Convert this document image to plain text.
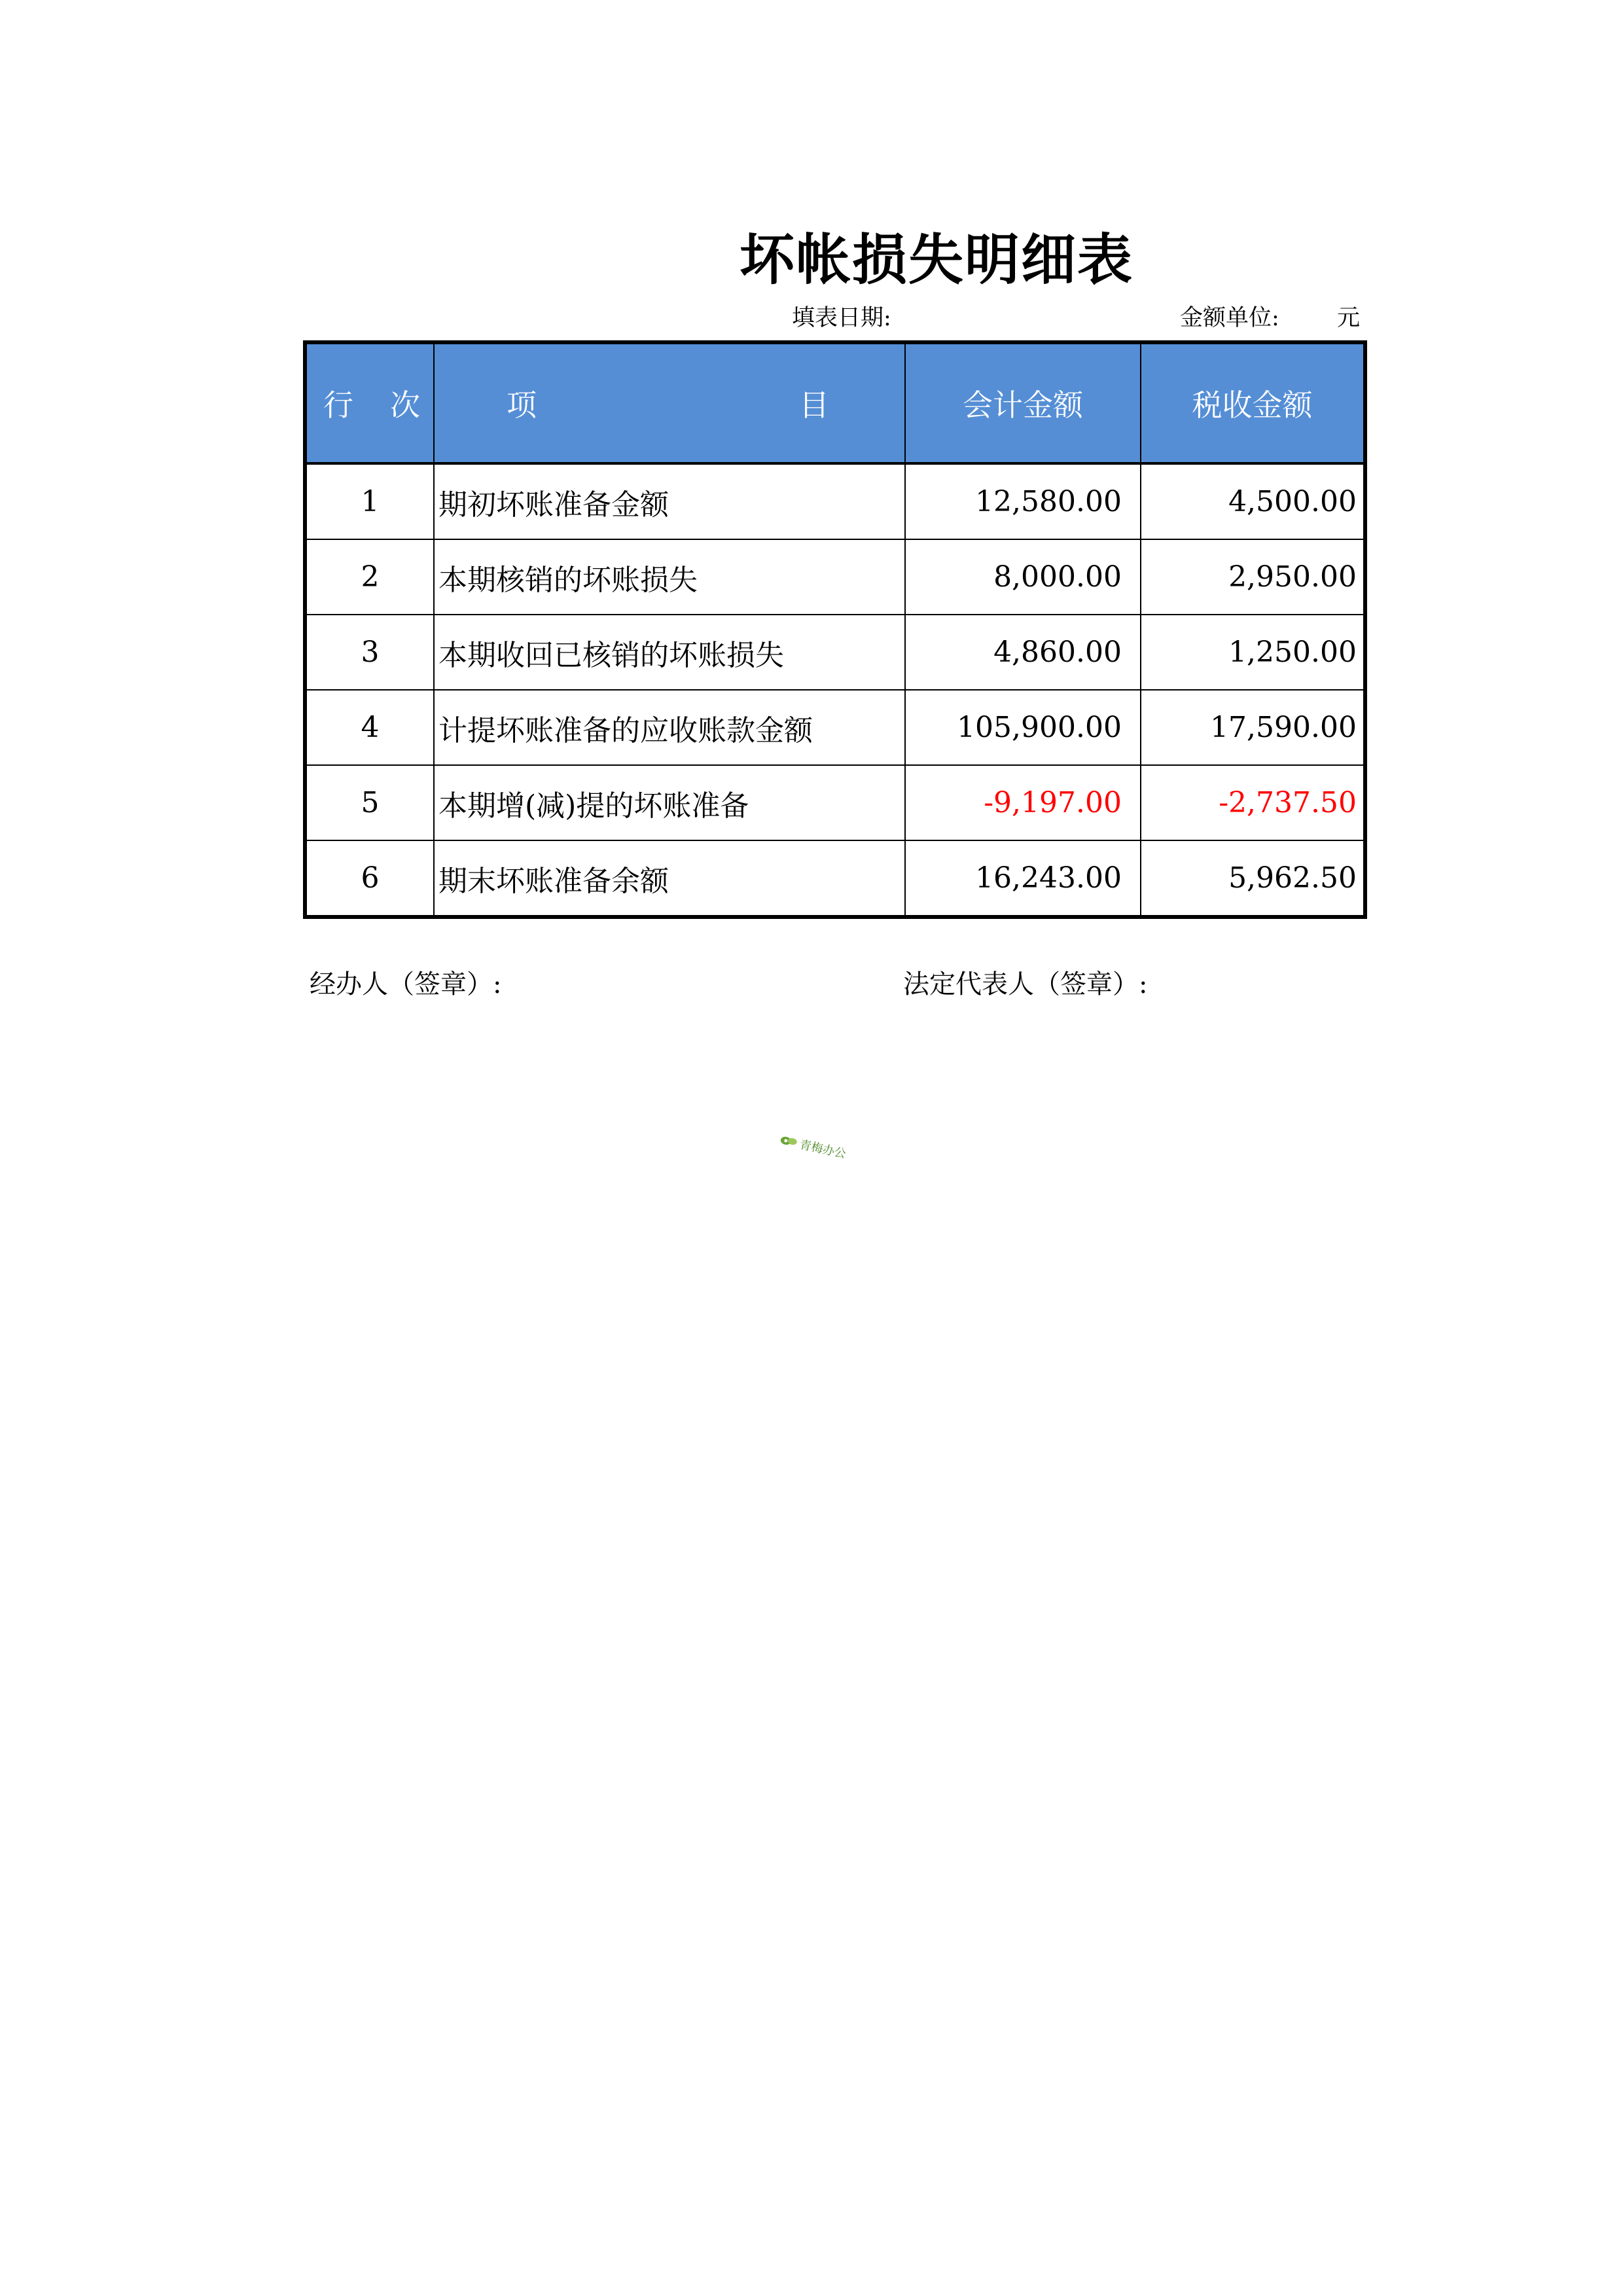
坏帐损失明细表
填表日期:	金额单位:	元
行 次	项 目	会计金额	税收金额
1	期初坏账准备金额	12,580.00	4,500.00
2	本期核销的坏账损失	8,000.00	2,950.00
3	本期收回已核销的坏账损失	4,860.00	1,250.00
4	计提坏账准备的应收账款金额	105,900.00	17,590.00
5	本期增(减)提的坏账准备	-9,197.00	-2,737.50
6	期末坏账准备余额	16,243.00	5,962.50
经办人（签章）:	法定代表人（签章）:
青梅办公
